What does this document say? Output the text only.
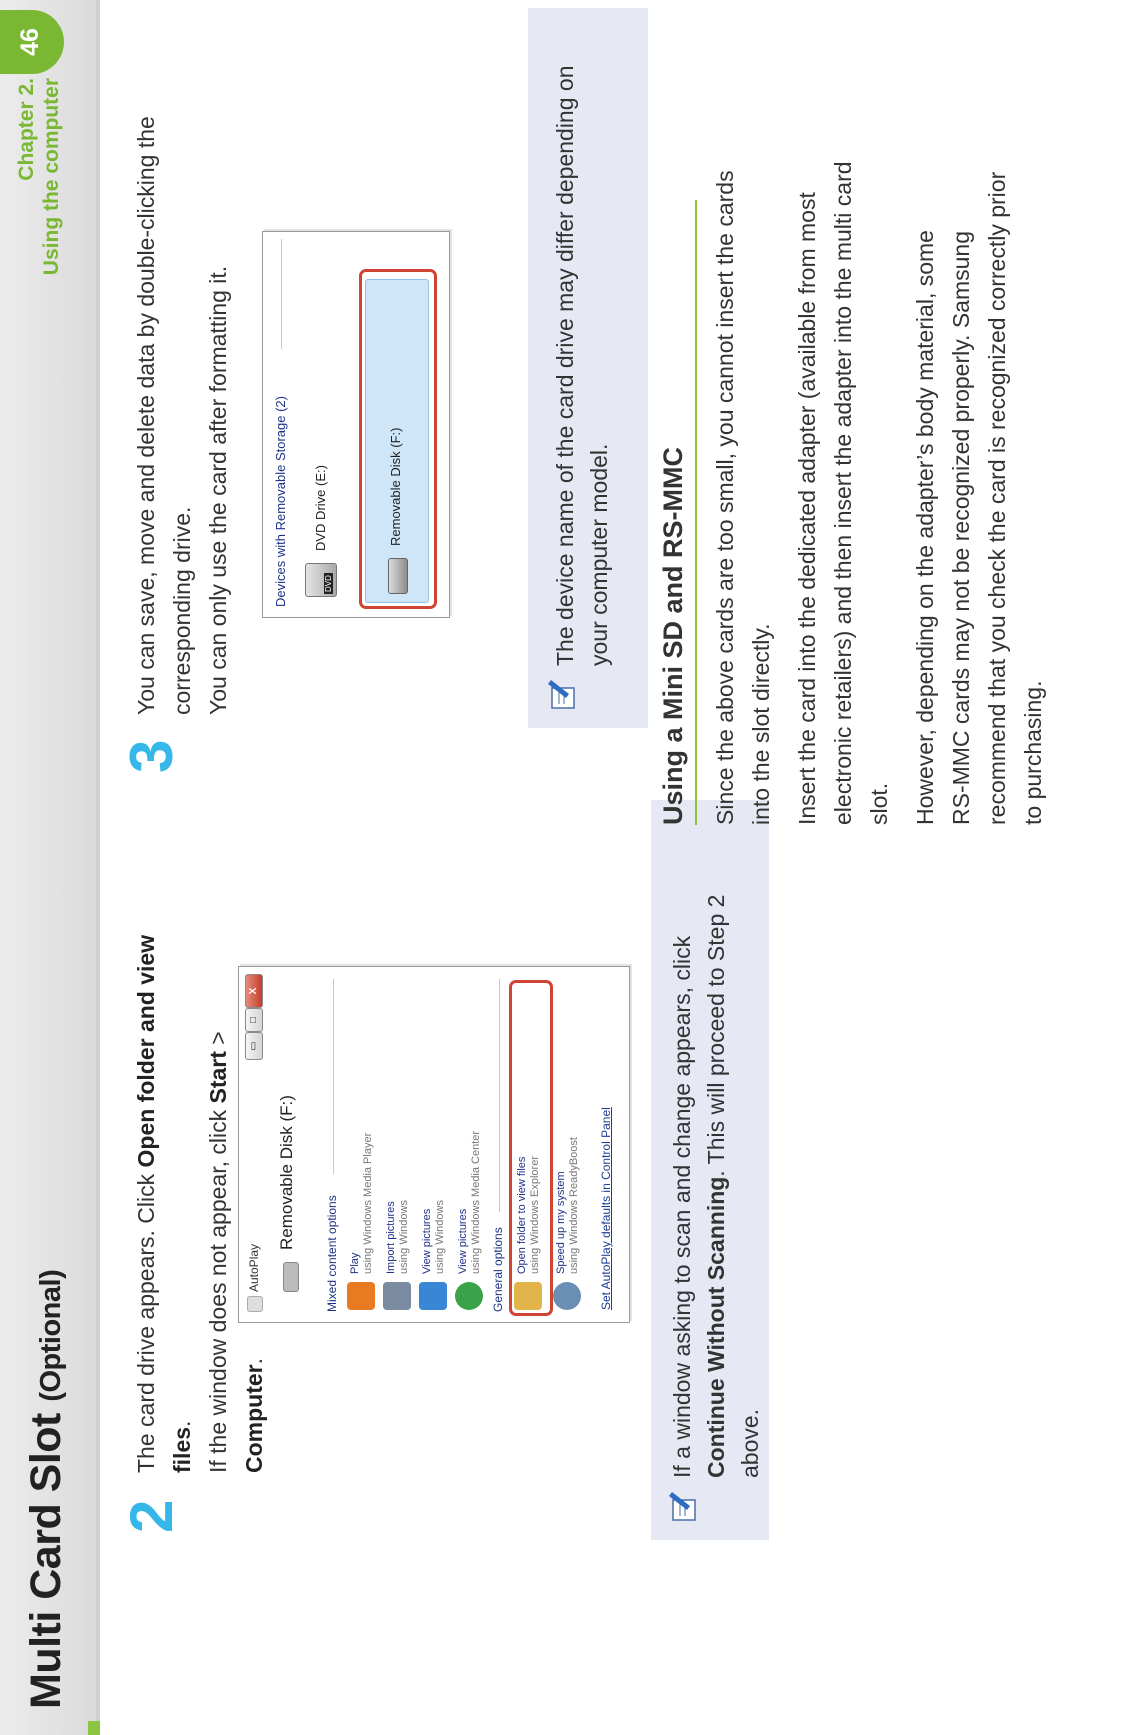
Multi Card Slot (Optional)
Chapter 2. Using the computer
46
2
The card drive appears. Click Open folder and view files. If the window does not appear, click Start > Computer.
AutoPlay
▭
□
X
Removable Disk (F:)
Mixed content options Play using Windows Media Player Import pictures using Windows View pictures using Windows View pictures using Windows Media Center General options Open folder to view files using Windows Explorer Speed up my system using Windows ReadyBoost Set AutoPlay defaults in Control Panel If a window asking to scan and change appears, click Continue Without Scanning. This will proceed to Step 2
above.
3
You can save, move and delete data by double-clicking the corresponding drive. You can only use the card after formatting it.	Devices with Removable Storage (2)	DVD
DVD Drive (E:)	Removable Disk (F:)	The device name of the card drive may differ depending on your computer model. Using a Mini SD and RS-MMC	Since the above cards are too small, you cannot insert the cards into the slot directly. Insert the card into the dedicated adapter (available from most electronic retailers) and then insert the adapter into the multi card slot. However, depending on the adapter’s body material, some RS-MMC cards may not be recognized properly. Samsung recommend that you check the card is recognized correctly prior to purchasing.
